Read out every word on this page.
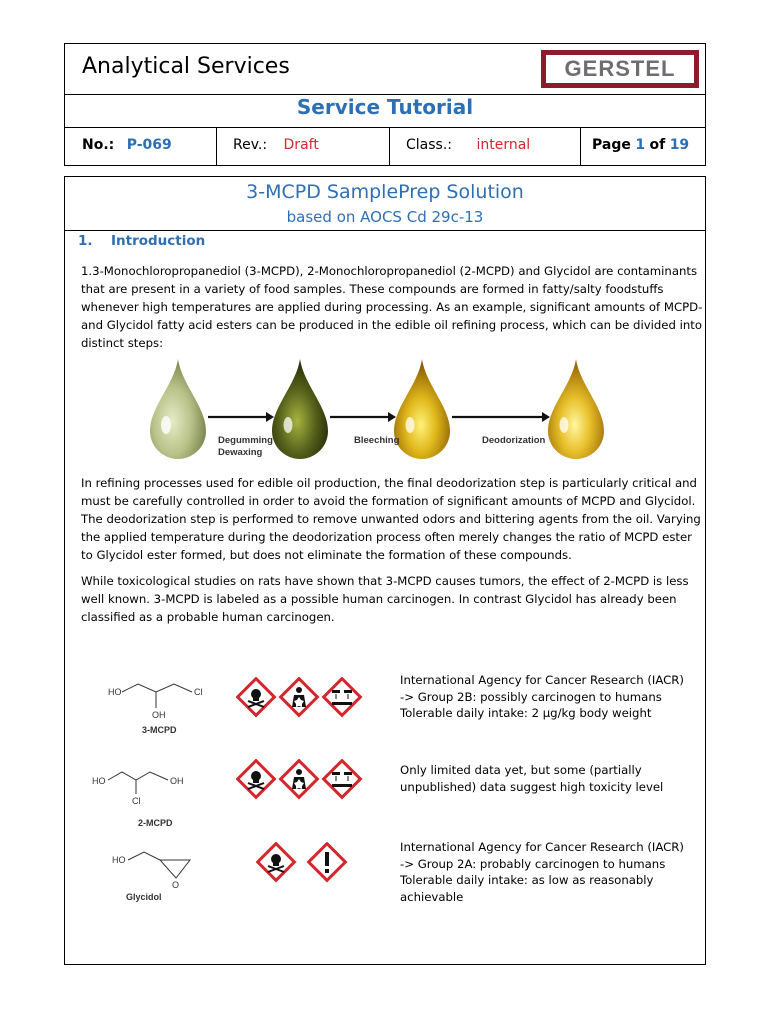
Analytical Services	GERSTEL
Service Tutorial
No.: P-069	Rev.: Draft	Class.: internal	Page 1 of 19
3-MCPD SamplePrep Solution
based on AOCS Cd 29c-13
1. Introduction
1.3-Monochloropropanediol (3-MCPD), 2-Monochloropropanediol (2-MCPD) and Glycidol are contaminants that are present in a variety of food samples. These compounds are formed in fatty/salty foodstuffs whenever high temperatures are applied during processing. As an example, significant amounts of MCPD- and Glycidol fatty acid esters can be produced in the edible oil refining process, which can be divided into distinct steps:
Degumming
Dewaxing
Bleeching	Deodorization
In refining processes used for edible oil production, the final deodorization step is particularly critical and must be carefully controlled in order to avoid the formation of significant amounts of MCPD and Glycidol. The deodorization step is performed to remove unwanted odors and bittering agents from the oil. Varying the applied temperature during the deodorization process often merely changes the ratio of MCPD ester to Glycidol ester formed, but does not eliminate the formation of these compounds.
While toxicological studies on rats have shown that 3-MCPD causes tumors, the effect of 2-MCPD is less well known. 3-MCPD is labeled as a possible human carcinogen. In contrast Glycidol has already been classified as a probable human carcinogen.
HO	Cl
OH
3-MCPD
International Agency for Cancer Research (IACR)
-> Group 2B: possibly carcinogen to humans
Tolerable daily intake: 2 µg/kg body weight
HO	OH
Cl
2-MCPD
Only limited data yet, but some (partially
unpublished) data suggest high toxicity level
HO
O
Glycidol
International Agency for Cancer Research (IACR)
-> Group 2A: probably carcinogen to humans
Tolerable daily intake: as low as reasonably
achievable
